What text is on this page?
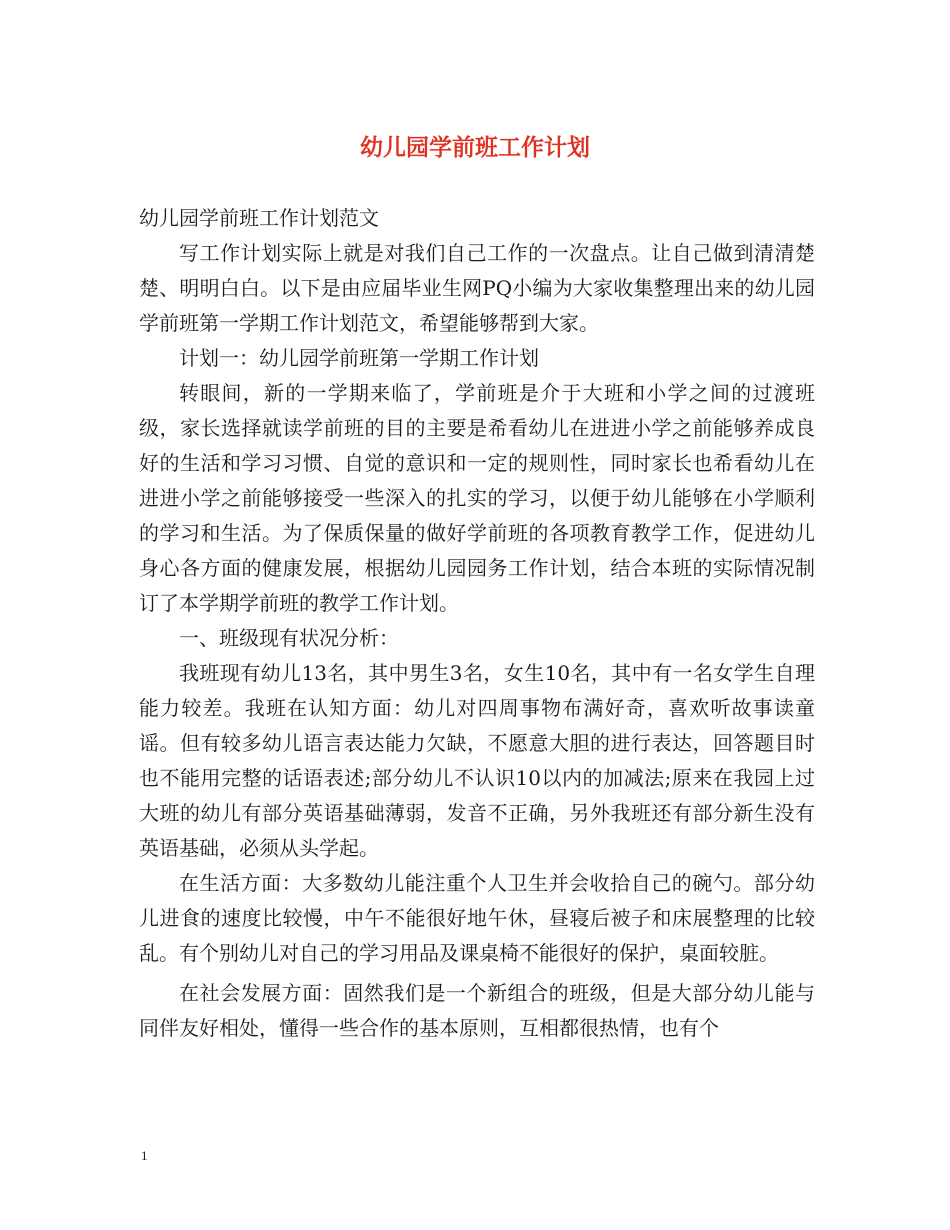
幼儿园学前班工作计划

幼儿园学前班工作计划范文

写工作计划实际上就是对我们自己工作的一次盘点。让自己做到清清楚楚、明明白白。以下是由应届毕业生网PQ小编为大家收集整理出来的幼儿园学前班第一学期工作计划范文，希望能够帮到大家。

计划一：幼儿园学前班第一学期工作计划

转眼间，新的一学期来临了，学前班是介于大班和小学之间的过渡班级，家长选择就读学前班的目的主要是希看幼儿在进进小学之前能够养成良好的生活和学习习惯、自觉的意识和一定的规则性，同时家长也希看幼儿在进进小学之前能够接受一些深入的扎实的学习，以便于幼儿能够在小学顺利的学习和生活。为了保质保量的做好学前班的各项教育教学工作，促进幼儿身心各方面的健康发展，根据幼儿园园务工作计划，结合本班的实际情况制订了本学期学前班的教学工作计划。

一、班级现有状况分析：

我班现有幼儿13名，其中男生3名，女生10名，其中有一名女学生自理能力较差。我班在认知方面：幼儿对四周事物布满好奇，喜欢听故事读童谣。但有较多幼儿语言表达能力欠缺，不愿意大胆的进行表达，回答题目时也不能用完整的话语表述;部分幼儿不认识10以内的加减法;原来在我园上过大班的幼儿有部分英语基础薄弱，发音不正确，另外我班还有部分新生没有英语基础，必须从头学起。

在生活方面：大多数幼儿能注重个人卫生并会收拾自己的碗勺。部分幼儿进食的速度比较慢，中午不能很好地午休，昼寝后被子和床展整理的比较乱。有个别幼儿对自己的学习用品及课桌椅不能很好的保护，桌面较脏。

在社会发展方面：固然我们是一个新组合的班级，但是大部分幼儿能与同伴友好相处，懂得一些合作的基本原则，互相都很热情，也有个

1
